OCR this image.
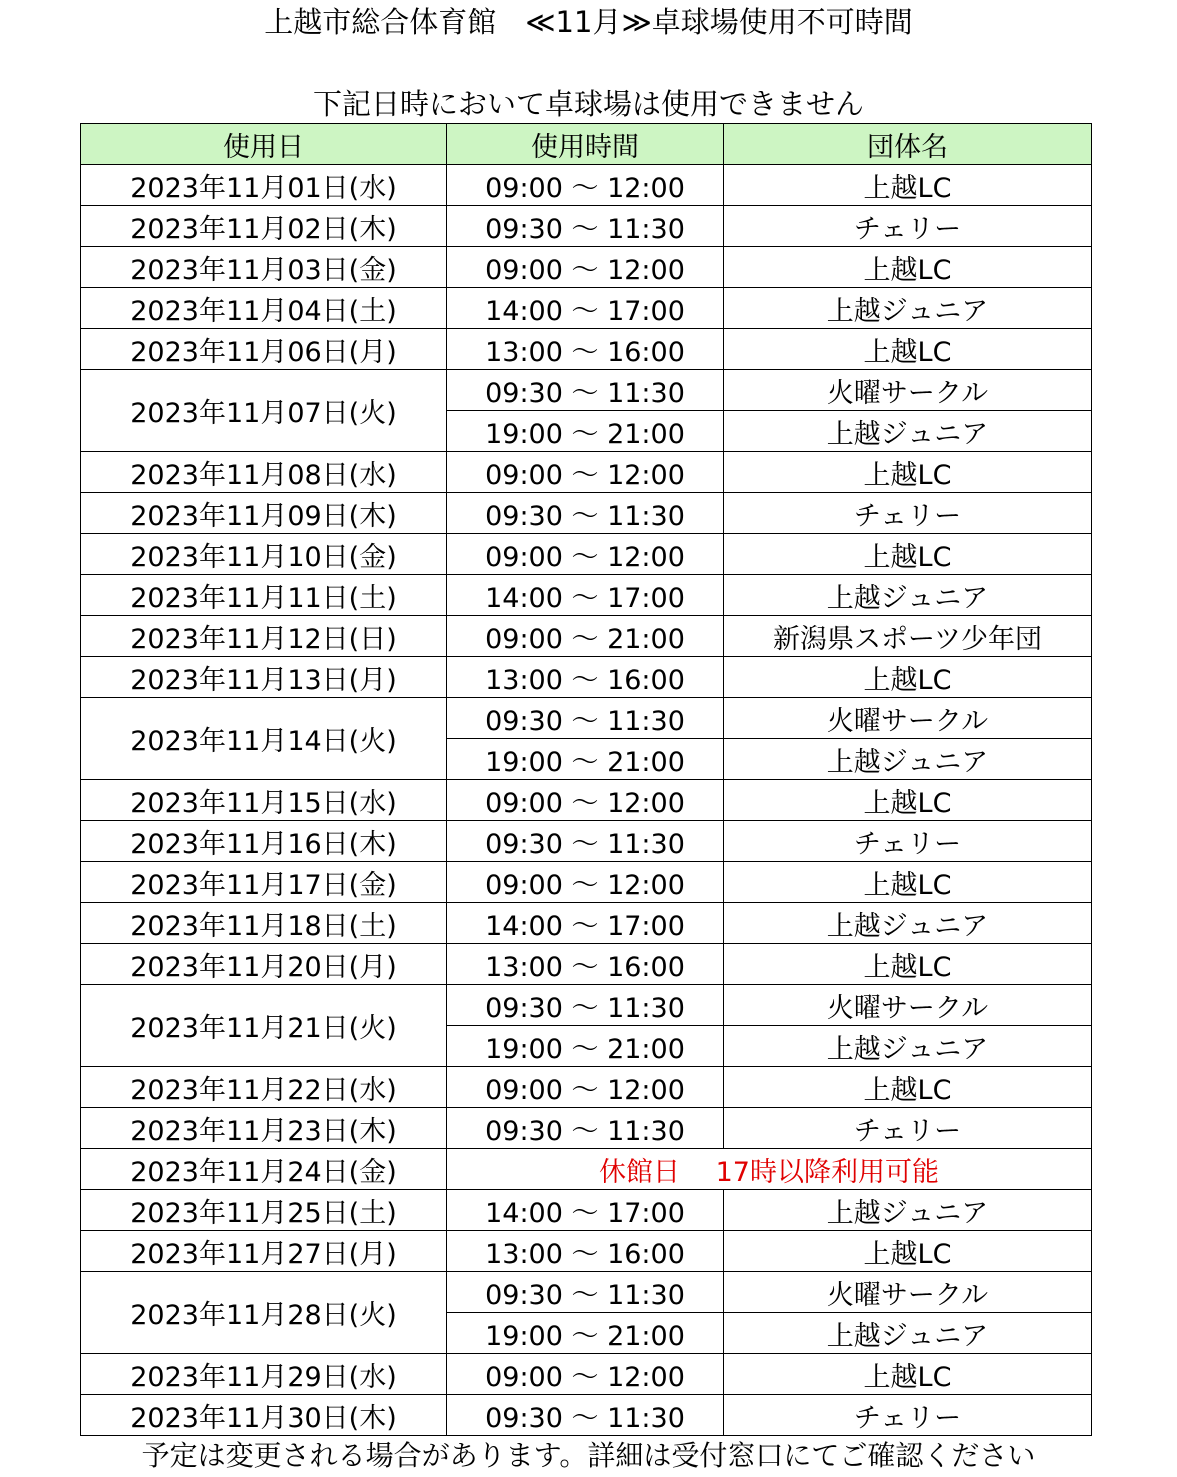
上越市総合体育館　≪11月≫卓球場使用不可時間
下記日時において卓球場は使用できません
使用日	使用時間	団体名
2023年11月01日(水)	09:00 ～ 12:00	上越LC
2023年11月02日(木)	09:30 ～ 11:30	チェリー
2023年11月03日(金)	09:00 ～ 12:00	上越LC
2023年11月04日(土)	14:00 ～ 17:00	上越ジュニア
2023年11月06日(月)	13:00 ～ 16:00	上越LC
2023年11月07日(火)	09:30 ～ 11:30	火曜サークル
	19:00 ～ 21:00	上越ジュニア
2023年11月08日(水)	09:00 ～ 12:00	上越LC
2023年11月09日(木)	09:30 ～ 11:30	チェリー
2023年11月10日(金)	09:00 ～ 12:00	上越LC
2023年11月11日(土)	14:00 ～ 17:00	上越ジュニア
2023年11月12日(日)	09:00 ～ 21:00	新潟県スポーツ少年団
2023年11月13日(月)	13:00 ～ 16:00	上越LC
2023年11月14日(火)	09:30 ～ 11:30	火曜サークル
	19:00 ～ 21:00	上越ジュニア
2023年11月15日(水)	09:00 ～ 12:00	上越LC
2023年11月16日(木)	09:30 ～ 11:30	チェリー
2023年11月17日(金)	09:00 ～ 12:00	上越LC
2023年11月18日(土)	14:00 ～ 17:00	上越ジュニア
2023年11月20日(月)	13:00 ～ 16:00	上越LC
2023年11月21日(火)	09:30 ～ 11:30	火曜サークル
	19:00 ～ 21:00	上越ジュニア
2023年11月22日(水)	09:00 ～ 12:00	上越LC
2023年11月23日(木)	09:30 ～ 11:30	チェリー
2023年11月24日(金)	休館日　 17時以降利用可能	
2023年11月25日(土)	14:00 ～ 17:00	上越ジュニア
2023年11月27日(月)	13:00 ～ 16:00	上越LC
2023年11月28日(火)	09:30 ～ 11:30	火曜サークル
	19:00 ～ 21:00	上越ジュニア
2023年11月29日(水)	09:00 ～ 12:00	上越LC
2023年11月30日(木)	09:30 ～ 11:30	チェリー
予定は変更される場合があります。詳細は受付窓口にてご確認ください
